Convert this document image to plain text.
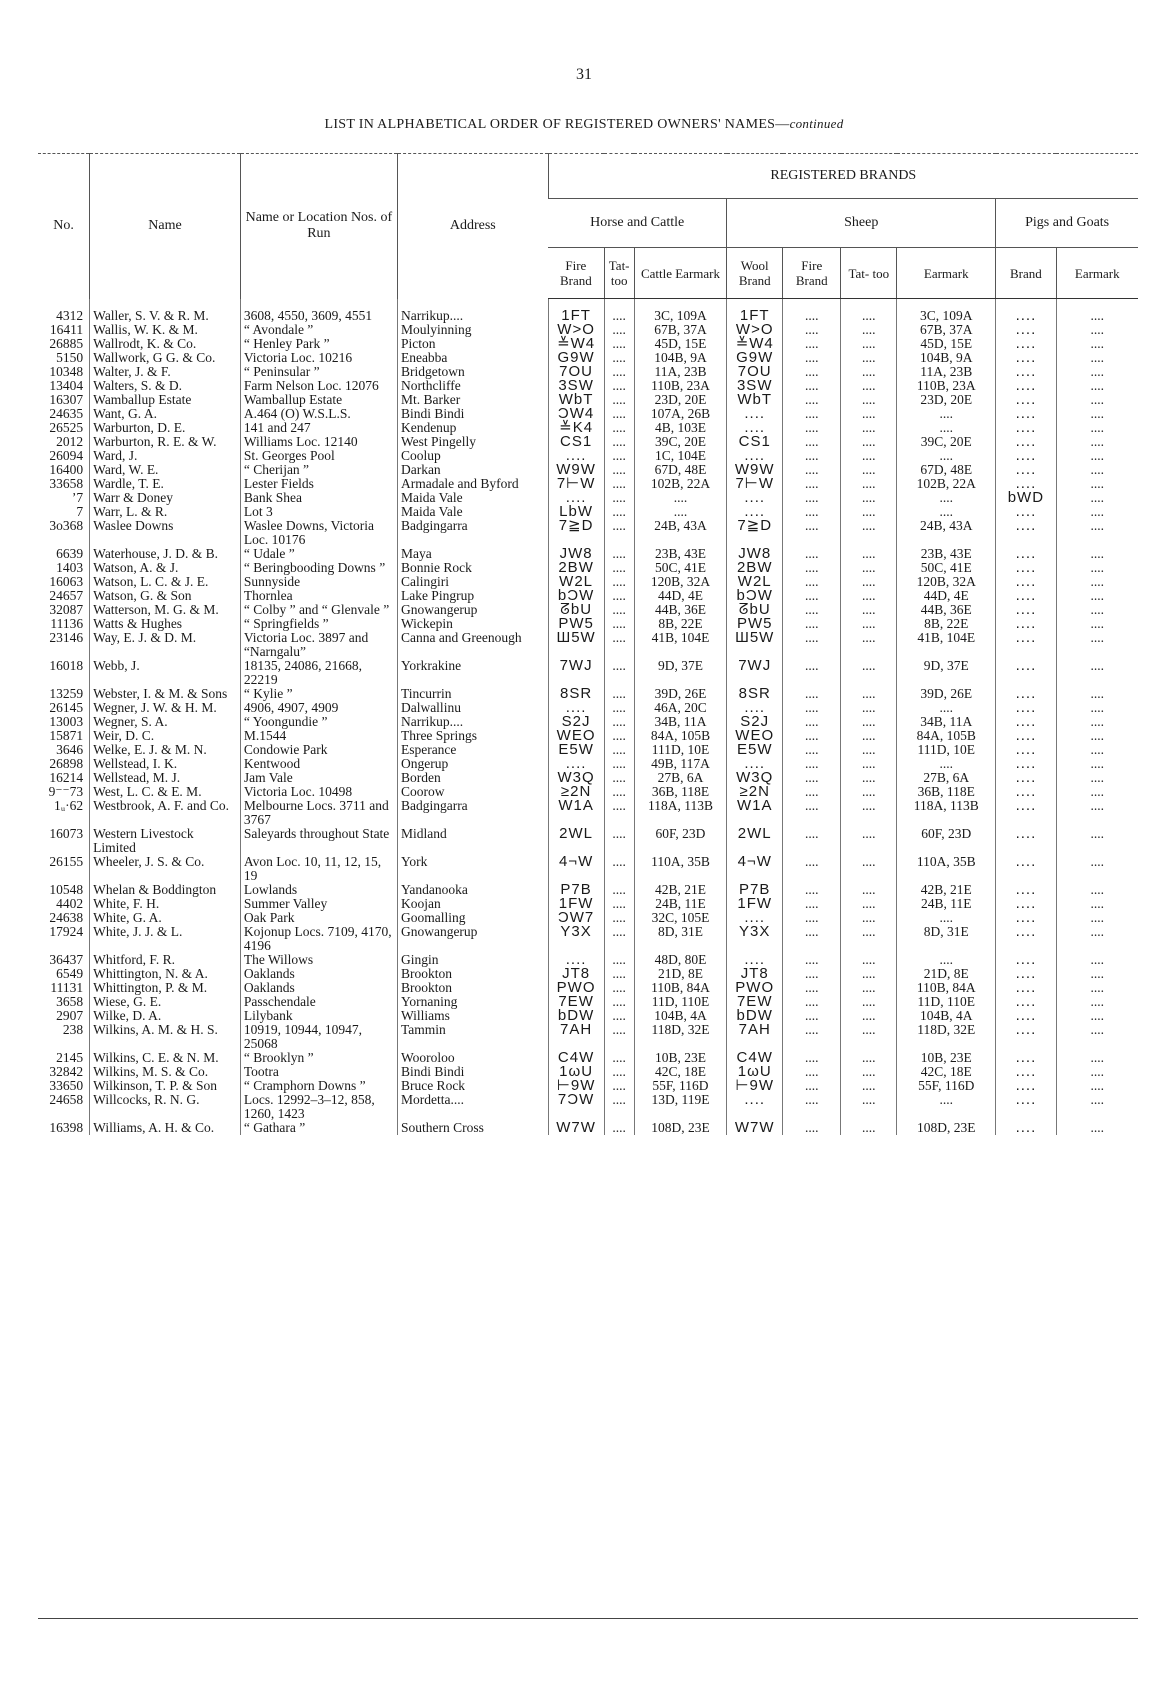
31
LIST IN ALPHABETICAL ORDER OF REGISTERED OWNERS' NAMES—continued
No.	Name	Name or Location Nos. of Run	Address	REGISTERED BRANDS								
				Horse and Cattle			Sheep				Pigs and Goats	
				Fire Brand	Tat- too	Cattle Earmark	Wool Brand	Fire Brand	Tat- too	Earmark	Brand	Earmark
4312	Waller, S. V. & R. M.	3608, 4550, 3609, 4551	Narrikup....	1FT	....	3C, 109A	1FT	....	....	3C, 109A	....	....
16411	Wallis, W. K. & M.	“ Avondale ”	Moulyinning	W>O	....	67B, 37A	W>O	....	....	67B, 37A	....	....
26885	Wallrodt, K. & Co.	“ Henley Park ”	Picton	≚W4	....	45D, 15E	≚W4	....	....	45D, 15E	....	....
5150	Wallwork, G G. & Co.	Victoria Loc. 10216	Eneabba	G9W	....	104B, 9A	G9W	....	....	104B, 9A	....	....
10348	Walter, J. & F.	“ Peninsular ”	Bridgetown	7OU	....	11A, 23B	7OU	....	....	11A, 23B	....	....
13404	Walters, S. & D.	Farm Nelson Loc. 12076	Northcliffe	3SW	....	110B, 23A	3SW	....	....	110B, 23A	....	....
16307	Wamballup Estate	Wamballup Estate	Mt. Barker	WbT	....	23D, 20E	WbT	....	....	23D, 20E	....	....
24635	Want, G. A.	A.464 (O) W.S.L.S.	Bindi Bindi	ƆW4	....	107A, 26B	....	....	....	....	....	....
26525	Warburton, D. E.	141 and 247	Kendenup	≚K4	....	4B, 103E	....	....	....	....	....	....
2012	Warburton, R. E. & W.	Williams Loc. 12140	West Pingelly	CS1	....	39C, 20E	CS1	....	....	39C, 20E	....	....
26094	Ward, J.	St. Georges Pool	Coolup	....	....	1C, 104E	....	....	....	....	....	....
16400	Ward, W. E.	“ Cherijan ”	Darkan	W9W	....	67D, 48E	W9W	....	....	67D, 48E	....	....
33658	Wardle, T. E.	Lester Fields	Armadale and Byford	7⊢W	....	102B, 22A	7⊢W	....	....	102B, 22A	....	....
’7	Warr & Doney	Bank Shea	Maida Vale	....	....	....	....	....	....	....	bWD	....
7	Warr, L. & R.	Lot 3	Maida Vale	LbW	....	....	....	....	....	....	....	....
3o368	Waslee Downs	Waslee Downs, Victoria Loc. 10176	Badgingarra	7≧D	....	24B, 43A	7≧D	....	....	24B, 43A	....	....
6639	Waterhouse, J. D. & B.	“ Udale ”	Maya	JW8	....	23B, 43E	JW8	....	....	23B, 43E	....	....
1403	Watson, A. & J.	“ Beringbooding Downs ”	Bonnie Rock	2BW	....	50C, 41E	2BW	....	....	50C, 41E	....	....
16063	Watson, L. C. & J. E.	Sunnyside	Calingiri	W2L	....	120B, 32A	W2L	....	....	120B, 32A	....	....
24657	Watson, G. & Son	Thornlea	Lake Pingrup	bƆW	....	44D, 4E	bƆW	....	....	44D, 4E	....	....
32087	Watterson, M. G. & M.	“ Colby ” and “ Glenvale ”	Gnowangerup	ᘔbU	....	44B, 36E	ᘔbU	....	....	44B, 36E	....	....
11136	Watts & Hughes	“ Springfields ”	Wickepin	PW5	....	8B, 22E	PW5	....	....	8B, 22E	....	....
23146	Way, E. J. & D. M.	Victoria Loc. 3897 and “Narngalu”	Canna and Greenough	Ш5W	....	41B, 104E	Ш5W	....	....	41B, 104E	....	....
16018	Webb, J.	18135, 24086, 21668, 22219	Yorkrakine	7WJ	....	9D, 37E	7WJ	....	....	9D, 37E	....	....
13259	Webster, I. & M. & Sons	“ Kylie ”	Tincurrin	8SR	....	39D, 26E	8SR	....	....	39D, 26E	....	....
26145	Wegner, J. W. & H. M.	4906, 4907, 4909	Dalwallinu	....	....	46A, 20C	....	....	....	....	....	....
13003	Wegner, S. A.	“ Yoongundie ”	Narrikup....	S2J	....	34B, 11A	S2J	....	....	34B, 11A	....	....
15871	Weir, D. C.	M.1544	Three Springs	WEO	....	84A, 105B	WEO	....	....	84A, 105B	....	....
3646	Welke, E. J. & M. N.	Condowie Park	Esperance	E5W	....	111D, 10E	E5W	....	....	111D, 10E	....	....
26898	Wellstead, I. K.	Kentwood	Ongerup	....	....	49B, 117A	....	....	....	....	....	....
16214	Wellstead, M. J.	Jam Vale	Borden	W3Q	....	27B, 6A	W3Q	....	....	27B, 6A	....	....
9⁻⁻73	West, L. C. & E. M.	Victoria Loc. 10498	Coorow	≥2N	....	36B, 118E	≥2N	....	....	36B, 118E	....	....
1ᵤ·62	Westbrook, A. F. and Co.	Melbourne Locs. 3711 and 3767	Badgingarra	W1A	....	118A, 113B	W1A	....	....	118A, 113B	....	....
16073	Western Livestock Limited	Saleyards throughout State	Midland	2WL	....	60F, 23D	2WL	....	....	60F, 23D	....	....
26155	Wheeler, J. S. & Co.	Avon Loc. 10, 11, 12, 15, 19	York	4¬W	....	110A, 35B	4¬W	....	....	110A, 35B	....	....
10548	Whelan & Boddington	Lowlands	Yandanooka	P7B	....	42B, 21E	P7B	....	....	42B, 21E	....	....
4402	White, F. H.	Summer Valley	Koojan	1FW	....	24B, 11E	1FW	....	....	24B, 11E	....	....
24638	White, G. A.	Oak Park	Goomalling	ƆW7	....	32C, 105E	....	....	....	....	....	....
17924	White, J. J. & L.	Kojonup Locs. 7109, 4170, 4196	Gnowangerup	Y3X	....	8D, 31E	Y3X	....	....	8D, 31E	....	....
36437	Whitford, F. R.	The Willows	Gingin	....	....	48D, 80E	....	....	....	....	....	....
6549	Whittington, N. & A.	Oaklands	Brookton	JT8	....	21D, 8E	JT8	....	....	21D, 8E	....	....
11131	Whittington, P. & M.	Oaklands	Brookton	PWO	....	110B, 84A	PWO	....	....	110B, 84A	....	....
3658	Wiese, G. E.	Passchendale	Yornaning	7EW	....	11D, 110E	7EW	....	....	11D, 110E	....	....
2907	Wilke, D. A.	Lilybank	Williams	bDW	....	104B, 4A	bDW	....	....	104B, 4A	....	....
238	Wilkins, A. M. & H. S.	10919, 10944, 10947, 25068	Tammin	7AH	....	118D, 32E	7AH	....	....	118D, 32E	....	....
2145	Wilkins, C. E. & N. M.	“ Brooklyn ”	Wooroloo	C4W	....	10B, 23E	C4W	....	....	10B, 23E	....	....
32842	Wilkins, M. S. & Co.	Tootra	Bindi Bindi	1ωU	....	42C, 18E	1ωU	....	....	42C, 18E	....	....
33650	Wilkinson, T. P. & Son	“ Cramphorn Downs ”	Bruce Rock	⊢9W	....	55F, 116D	⊢9W	....	....	55F, 116D	....	....
24658	Willcocks, R. N. G.	Locs. 12992–3–12, 858, 1260, 1423	Mordetta....	7ƆW	....	13D, 119E	....	....	....	....	....	....
16398	Williams, A. H. & Co.	“ Gathara ”	Southern Cross	W7W	....	108D, 23E	W7W	....	....	108D, 23E	....	....
